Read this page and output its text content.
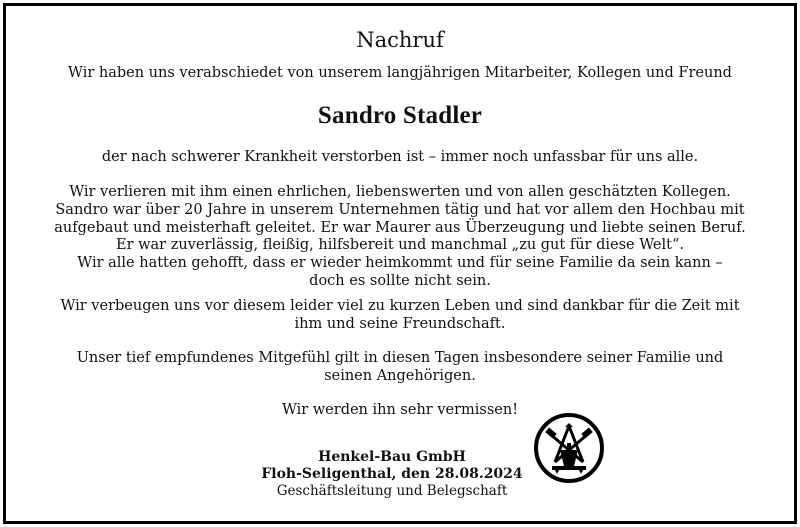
Nachruf
Wir haben uns verabschiedet von unserem langjährigen Mitarbeiter, Kollegen und Freund
Sandro Stadler
der nach schwerer Krankheit verstorben ist – immer noch unfassbar für uns alle.
Wir verlieren mit ihm einen ehrlichen, liebenswerten und von allen geschätzten Kollegen.
Sandro war über 20 Jahre in unserem Unternehmen tätig und hat vor allem den Hochbau mit
aufgebaut und meisterhaft geleitet. Er war Maurer aus Überzeugung und liebte seinen Beruf.
Er war zuverlässig, fleißig, hilfsbereit und manchmal „zu gut für diese Welt“.
Wir alle hatten gehofft, dass er wieder heimkommt und für seine Familie da sein kann –
doch es sollte nicht sein.
Wir verbeugen uns vor diesem leider viel zu kurzen Leben und sind dankbar für die Zeit mit
ihm und seine Freundschaft.
Unser tief empfundenes Mitgefühl gilt in diesen Tagen insbesondere seiner Familie und
seinen Angehörigen.
Wir werden ihn sehr vermissen!
Henkel-Bau GmbH
Floh-Seligenthal, den 28.08.2024
Geschäftsleitung und Belegschaft
